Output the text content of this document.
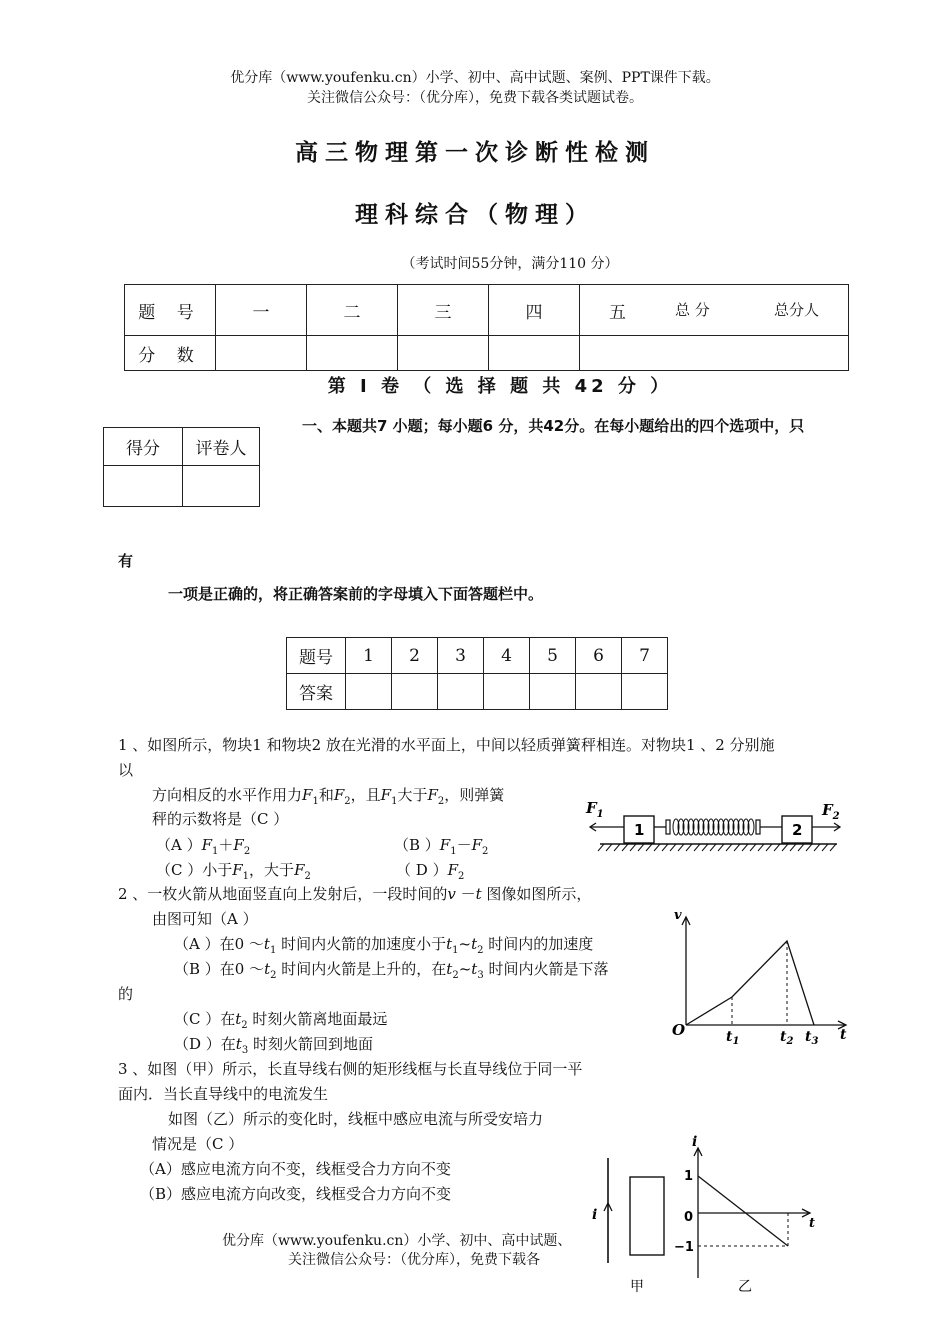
优分库（www.youfenku.cn）小学、初中、高中试题、案例、PPT课件下载。
关注微信公众号：（优分库），免费下载各类试题试卷。
高三物理第一次诊断性检测
理科综合（物理）
（考试时间55分钟，满分110 分）
题 号	一	二	三	四	五	总 分	总分人
分 数							
第 Ⅰ 卷 （ 选 择 题 共 42 分 ）
得分	评卷人

一、本题共7 小题；每小题6 分，共42分。在每小题给出的四个选项中，只
有
一项是正确的，将正确答案前的字母填入下面答题栏中。
题号	1	2	3	4	5	6	7
答案							
1 、如图所示，物块1 和物块2 放在光滑的水平面上，中间以轻质弹簧秤相连。对物块1 、2 分别施
以
方向相反的水平作用力$F_1$和$F_2$，且$F_1$大于$F_2$，则弹簧
秤的示数将是（C ）
（A ）$F_1+F_2$	（B ）$F_1-F_2$
（C ）小于$F_1$，大于$F_2$	（ D ）$F_2$
$F_1$
1	2
$F_2$
2 、一枚火箭从地面竖直向上发射后，一段时间的v －t 图像如图所示，
由图可知（A ）
（A ）在0 $\sim t_1$ 时间内火箭的加速度小于$t_1\sim t_2$ 时间内的加速度
（B ）在0 $\sim t_2$ 时间内火箭是上升的，在$t_2\sim t_3$ 时间内火箭是下落
的
（C ）在$t_2$ 时刻火箭离地面最远
（D ）在$t_3$ 时刻火箭回到地面
v
t
O	$t_1$	$t_2$ $t_3$
3 、如图（甲）所示，长直导线右侧的矩形线框与长直导线位于同一平
面内．当长直导线中的电流发生
如图（乙）所示的变化时，线框中感应电流与所受安培力
情况是（C ）
（A）感应电流方向不变，线框受合力方向不变
（B）感应电流方向改变，线框受合力方向不变
i
甲
i
t
1
0
−1
乙
优分库（www.youfenku.cn）小学、初中、高中试题、
关注微信公众号：（优分库），免费下载各
